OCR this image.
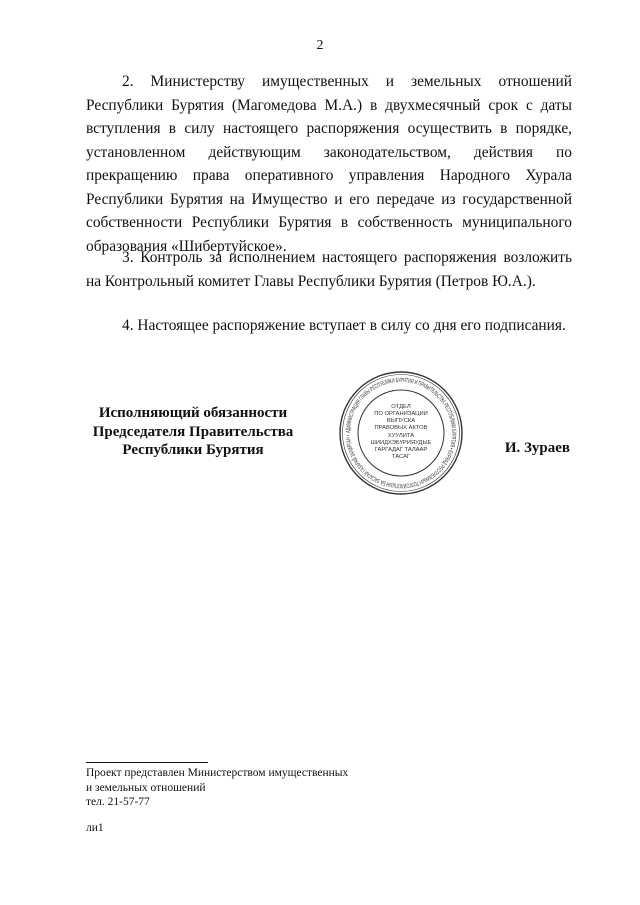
2

2. Министерству имущественных и земельных отношений Республики Бурятия (Магомедова М.А.) в двухмесячный срок с даты вступления в силу настоящего распоряжения осуществить в порядке, установленном действующим законодательством, действия по прекращению права оперативного управления Народного Хурала Республики Бурятия на Имущество и его передаче из государственной собственности Республики Бурятия в собственность муниципального образования «Шибертуйское».

3. Контроль за исполнением настоящего распоряжения возложить на Контрольный комитет Главы Республики Бурятия (Петров Ю.А.).

4. Настоящее распоряжение вступает в силу со дня его подписания.

Исполняющий обязанности
Председателя Правительства
Республики Бурятия
АДМИНИСТРАЦИЯ ГЛАВЫ РЕСПУБЛИКИ БУРЯТИЯ И ПРАВИТЕЛЬСТВА РЕСПУБЛИКИ БУРЯТИЯ • БУРЯАД РЕСПУБЛИКЫН ТОЛГОЙЛОГШЫН БА ЗАСАГАЙ ГАЗАРАЙ ЗАХИРГАН •
ОТДЕЛ
ПО ОРГАНИЗАЦИИ
ВЫПУСКА
ПРАВОВЫХ АКТОВ
ХУУЛИТА
ШИИДХЭБҮРИЯУДЫЕ
ГАРГАДАГ ТАЛААР
ТАСАГ
И. Зураев
Проект представлен Министерством имущественных
и земельных отношений
тел. 21-57-77
ли1
